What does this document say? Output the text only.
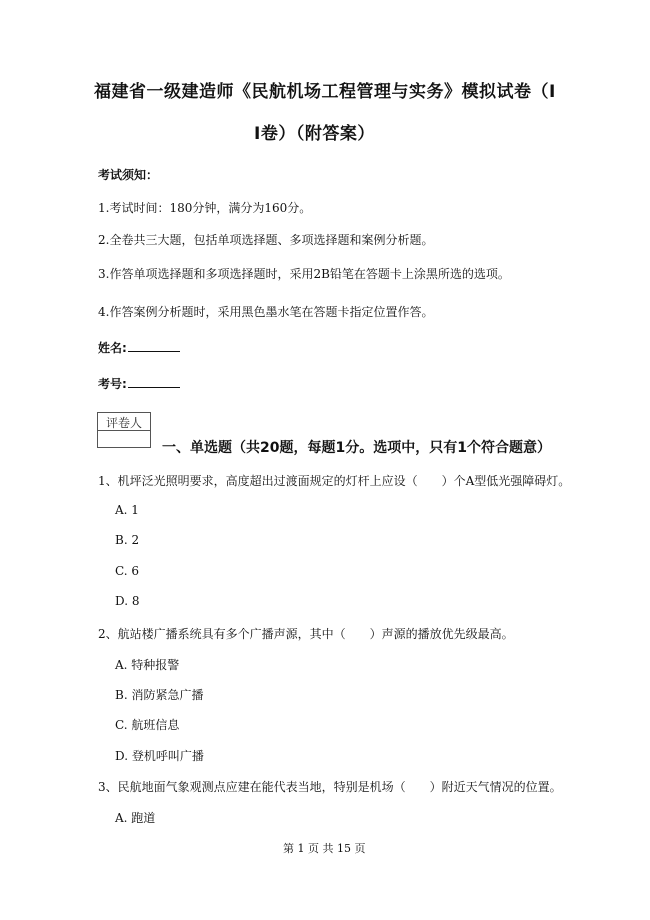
福建省一级建造师《民航机场工程管理与实务》模拟试卷（I
I卷）（附答案）
考试须知：
1.考试时间：180分钟，满分为160分。
2.全卷共三大题，包括单项选择题、多项选择题和案例分析题。
3.作答单项选择题和多项选择题时，采用2B铅笔在答题卡上涂黑所选的选项。
4.作答案例分析题时，采用黑色墨水笔在答题卡指定位置作答。
姓名:
考号:
评卷人
一、单选题（共20题，每题1分。选项中，只有1个符合题意）
1、机坪泛光照明要求，高度超出过渡面规定的灯杆上应设（　　）个A型低光强障碍灯。
A. 1
B. 2
C. 6
D. 8
2、航站楼广播系统具有多个广播声源，其中（　　）声源的播放优先级最高。
A. 特种报警
B. 消防紧急广播
C. 航班信息
D. 登机呼叫广播
3、民航地面气象观测点应建在能代表当地，特别是机场（　　）附近天气情况的位置。
A. 跑道
第 1 页 共 15 页
